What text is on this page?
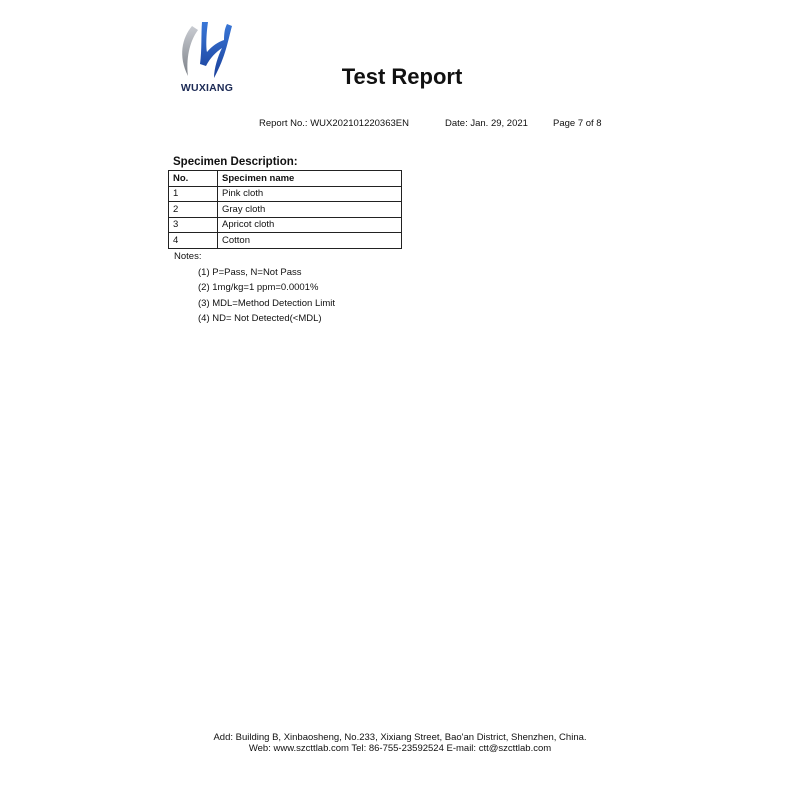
WUXIANG	Test Report
Report No.: WUX202101220363EN	Date: Jan. 29, 2021	Page 7 of 8
Specimen Description:
No.	Specimen name
1	Pink cloth
2	Gray cloth
3	Apricot cloth
4	Cotton
Notes:
(1) P=Pass, N=Not Pass
(2) 1mg/kg=1 ppm=0.0001%
(3) MDL=Method Detection Limit
(4) ND= Not Detected(<MDL)
Add: Building B, Xinbaosheng, No.233, Xixiang Street, Bao'an District, Shenzhen, China.
Web: www.szcttlab.com Tel: 86-755-23592524 E-mail: ctt@szcttlab.com
